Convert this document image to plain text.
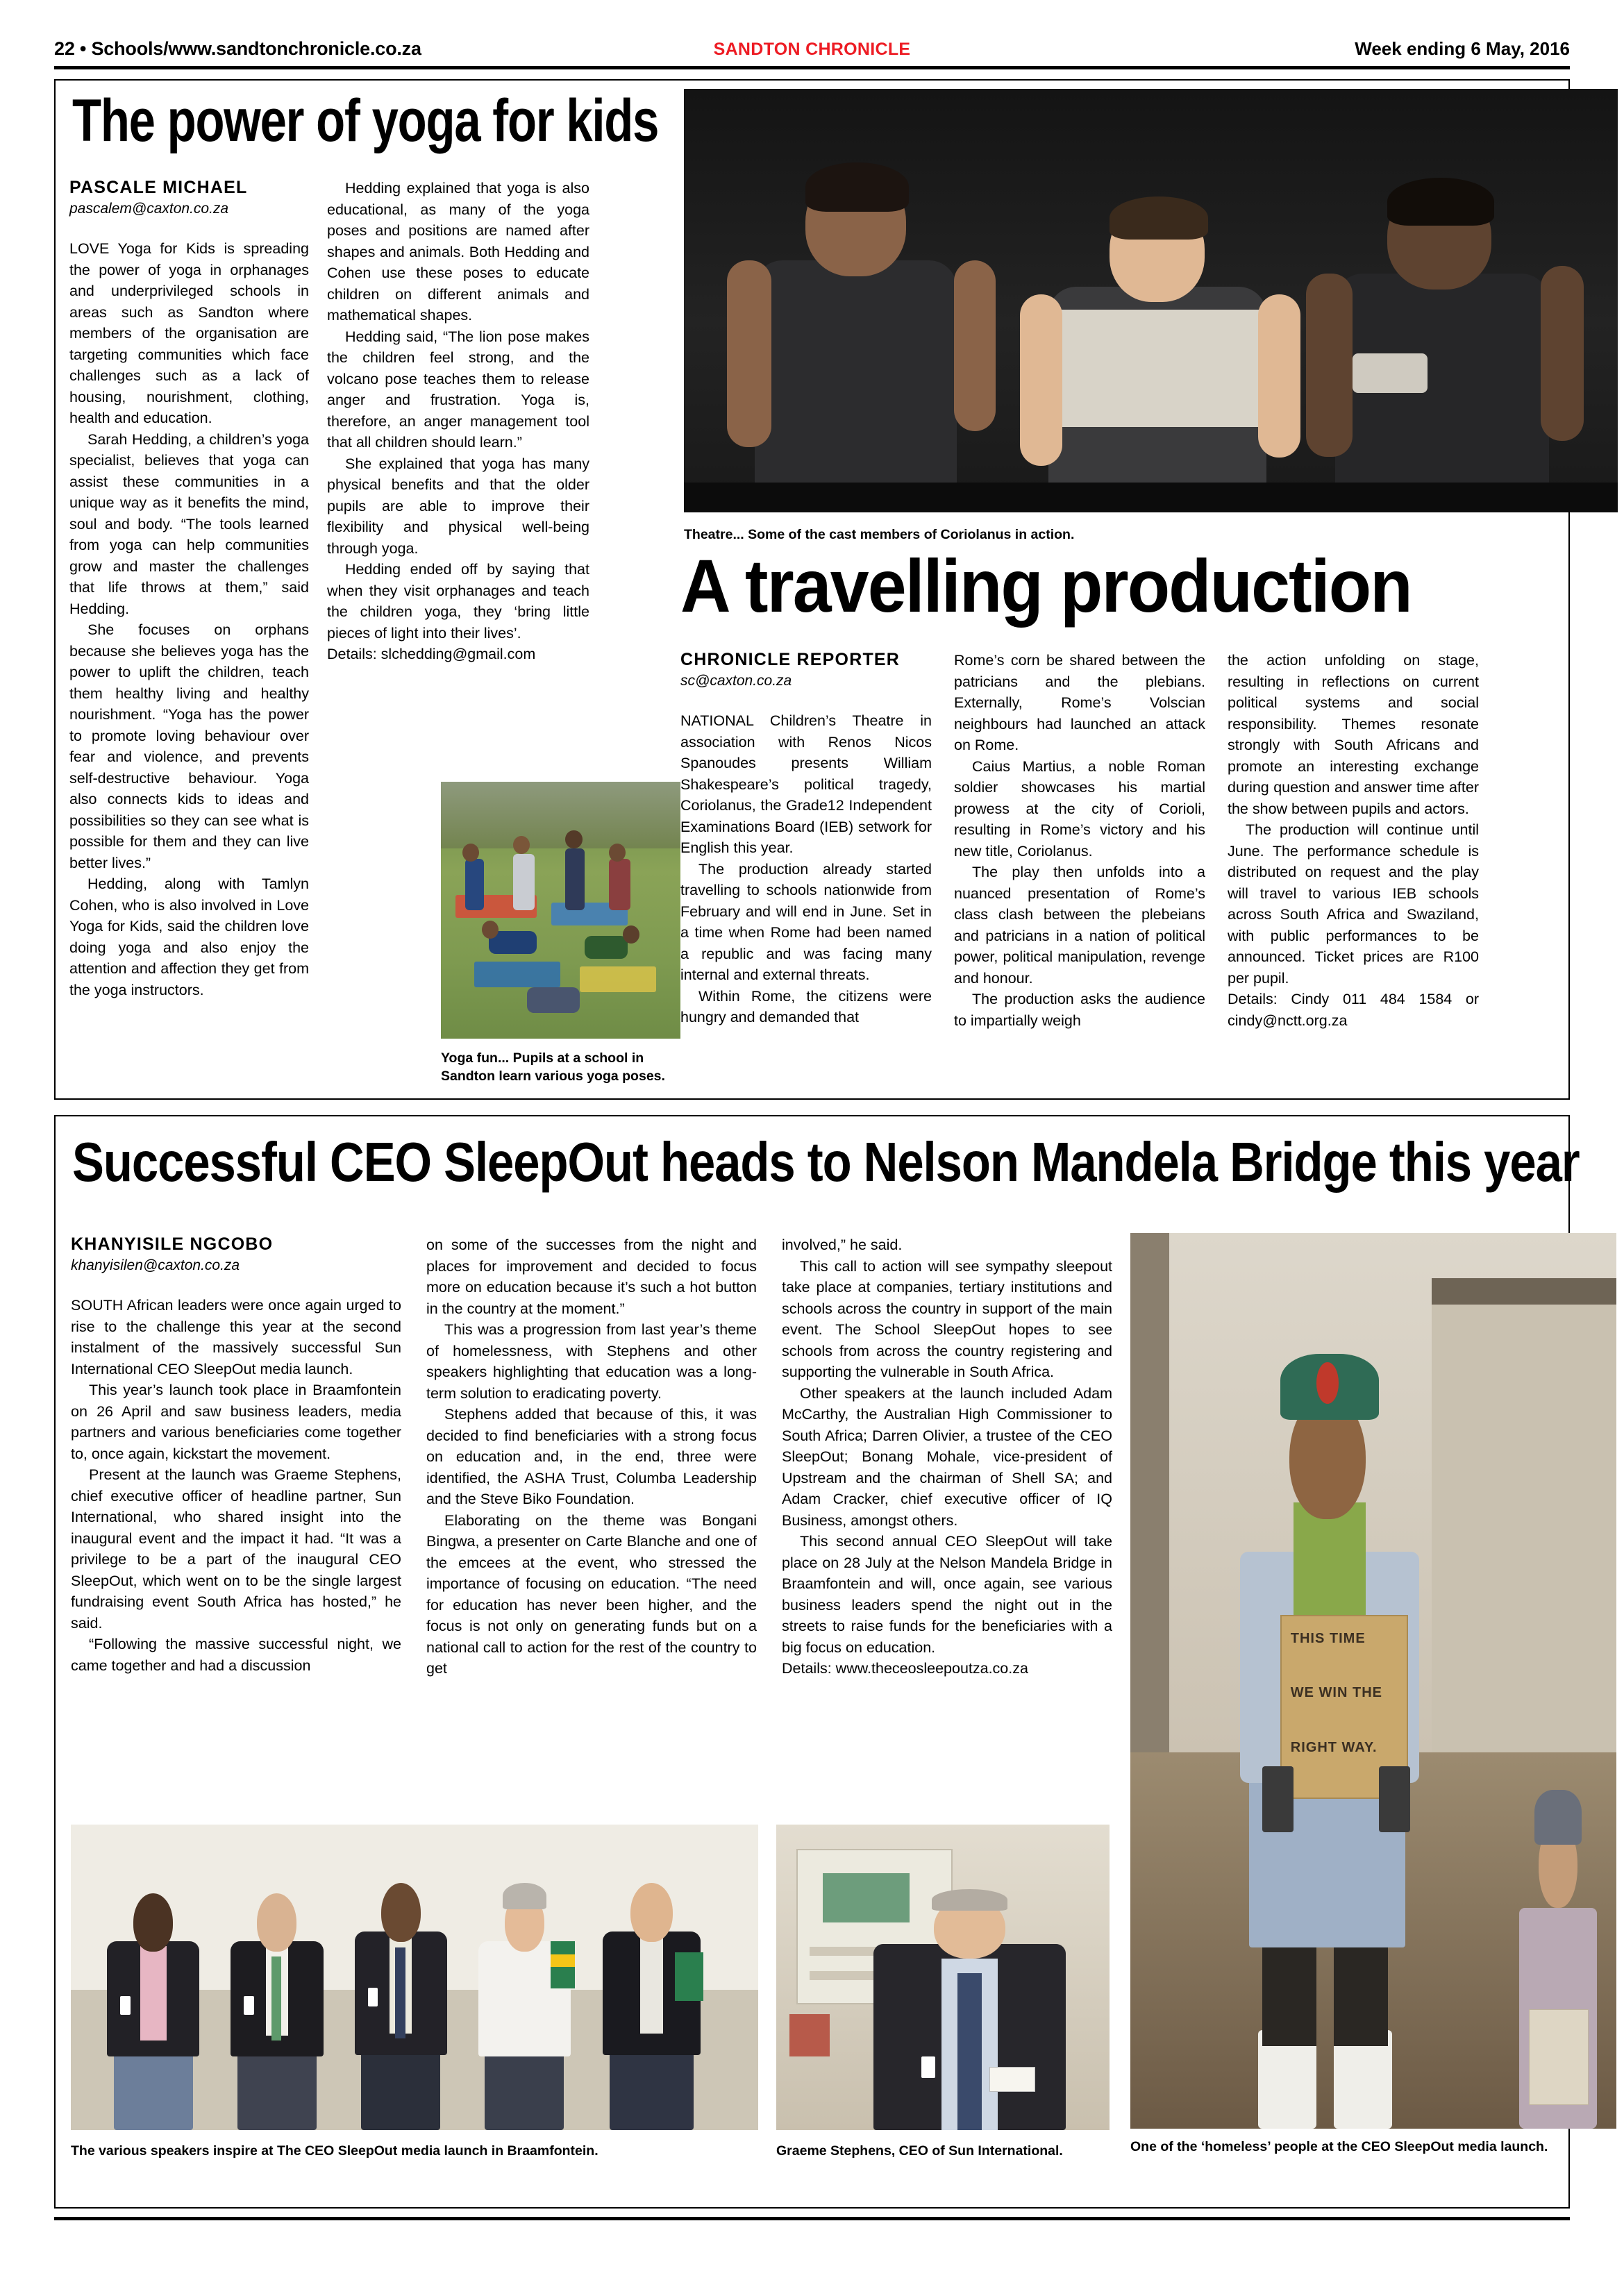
22 • Schools/www.sandtonchronicle.co.za	SANDTON CHRONICLE	Week ending 6 May, 2016
The power of yoga for kids
PASCALE MICHAEL
pascalem@caxton.co.za

LOVE Yoga for Kids is spreading the power of yoga in orphanages and underprivileged schools in areas such as Sandton where members of the organisation are targeting communities which face challenges such as a lack of housing, nourishment, clothing, health and education.

Sarah Hedding, a children’s yoga specialist, believes that yoga can assist these communities in a unique way as it benefits the mind, soul and body. “The tools learned from yoga can help communities grow and master the challenges that life throws at them,” said Hedding.

She focuses on orphans because she believes yoga has the power to uplift the children, teach them healthy living and healthy nourishment. “Yoga has the power to promote loving behaviour over fear and violence, and prevents self-destructive behaviour. Yoga also connects kids to ideas and possibilities so they can see what is possible for them and they can live better lives.”

Hedding, along with Tamlyn Cohen, who is also involved in Love Yoga for Kids, said the children love doing yoga and also enjoy the attention and affection they get from the yoga instructors.

Hedding explained that yoga is also educational, as many of the yoga poses and positions are named after shapes and animals. Both Hedding and Cohen use these poses to educate children on different animals and mathematical shapes.

Hedding said, “The lion pose makes the children feel strong, and the volcano pose teaches them to release anger and frustration. Yoga is, therefore, an anger management tool that all children should learn.”

She explained that yoga has many physical benefits and that the older pupils are able to improve their flexibility and physical well-being through yoga.

Hedding ended off by saying that when they visit orphanages and teach the children yoga, they ‘bring little pieces of light into their lives’.

Details: slchedding@gmail.com

Yoga fun... Pupils at a school in Sandton learn various yoga poses.
Theatre... Some of the cast members of Coriolanus in action.
A travelling production
CHRONICLE REPORTER
sc@caxton.co.za

NATIONAL Children’s Theatre in association with Renos Nicos Spanoudes presents William Shakespeare’s political tragedy, Coriolanus, the Grade12 Independent Examinations Board (IEB) setwork for English this year.

The production already started travelling to schools nationwide from February and will end in June. Set in a time when Rome had been named a republic and was facing many internal and external threats.

Within Rome, the citizens were hungry and demanded that

Rome’s corn be shared between the patricians and the plebians. Externally, Rome’s Volscian neighbours had launched an attack on Rome.

Caius Martius, a noble Roman soldier showcases his martial prowess at the city of Corioli, resulting in Rome’s victory and his new title, Coriolanus.

The play then unfolds into a nuanced presentation of Rome’s class clash between the plebeians and patricians in a nation of political power, political manipulation, revenge and honour.

The production asks the audience to impartially weigh

the action unfolding on stage, resulting in reflections on current political systems and social responsibility. Themes resonate strongly with South Africans and promote an interesting exchange during question and answer time after the show between pupils and actors.

The production will continue until June. The performance schedule is distributed on request and the play will travel to various IEB schools across South Africa and Swaziland, with public performances to be announced. Ticket prices are R100 per pupil.

Details: Cindy 011 484 1584 or cindy@nctt.org.za

Successful CEO SleepOut heads to Nelson Mandela Bridge this year
KHANYISILE NGCOBO
khanyisilen@caxton.co.za

SOUTH African leaders were once again urged to rise to the challenge this year at the second instalment of the massively successful Sun International CEO SleepOut media launch.

This year’s launch took place in Braamfontein on 26 April and saw business leaders, media partners and various beneficiaries come together to, once again, kickstart the movement.

Present at the launch was Graeme Stephens, chief executive officer of headline partner, Sun International, who shared insight into the inaugural event and the impact it had. “It was a privilege to be a part of the inaugural CEO SleepOut, which went on to be the single largest fundraising event South Africa has hosted,” he said.

“Following the massive successful night, we came together and had a discussion

on some of the successes from the night and places for improvement and decided to focus more on education because it’s such a hot button in the country at the moment.”

This was a progression from last year’s theme of homelessness, with Stephens and other speakers highlighting that education was a long-term solution to eradicating poverty.

Stephens added that because of this, it was decided to find beneficiaries with a strong focus on education and, in the end, three were identified, the ASHA Trust, Columba Leadership and the Steve Biko Foundation.

Elaborating on the theme was Bongani Bingwa, a presenter on Carte Blanche and one of the emcees at the event, who stressed the importance of focusing on education. “The need for education has never been higher, and the focus is not only on generating funds but on a national call to action for the rest of the country to get

involved,” he said.

This call to action will see sympathy sleepout take place at companies, tertiary institutions and schools across the country in support of the main event. The School SleepOut hopes to see schools from across the country registering and supporting the vulnerable in South Africa.

Other speakers at the launch included Adam McCarthy, the Australian High Commissioner to South Africa; Darren Olivier, a trustee of the CEO SleepOut; Bonang Mohale, vice-president of Upstream and the chairman of Shell SA; and Adam Cracker, chief executive officer of IQ Business, amongst others.

This second annual CEO SleepOut will take place on 28 July at the Nelson Mandela Bridge in Braamfontein and will, once again, see various business leaders spend the night out in the streets to raise funds for the beneficiaries with a big focus on education.

Details: www.theceosleepoutza.co.za

THIS TIME
WE WIN THE
RIGHT WAY.
The various speakers inspire at The CEO SleepOut media launch in Braamfontein.	Graeme Stephens, CEO of Sun International.	One of the ‘homeless’ people at the CEO SleepOut media launch.
